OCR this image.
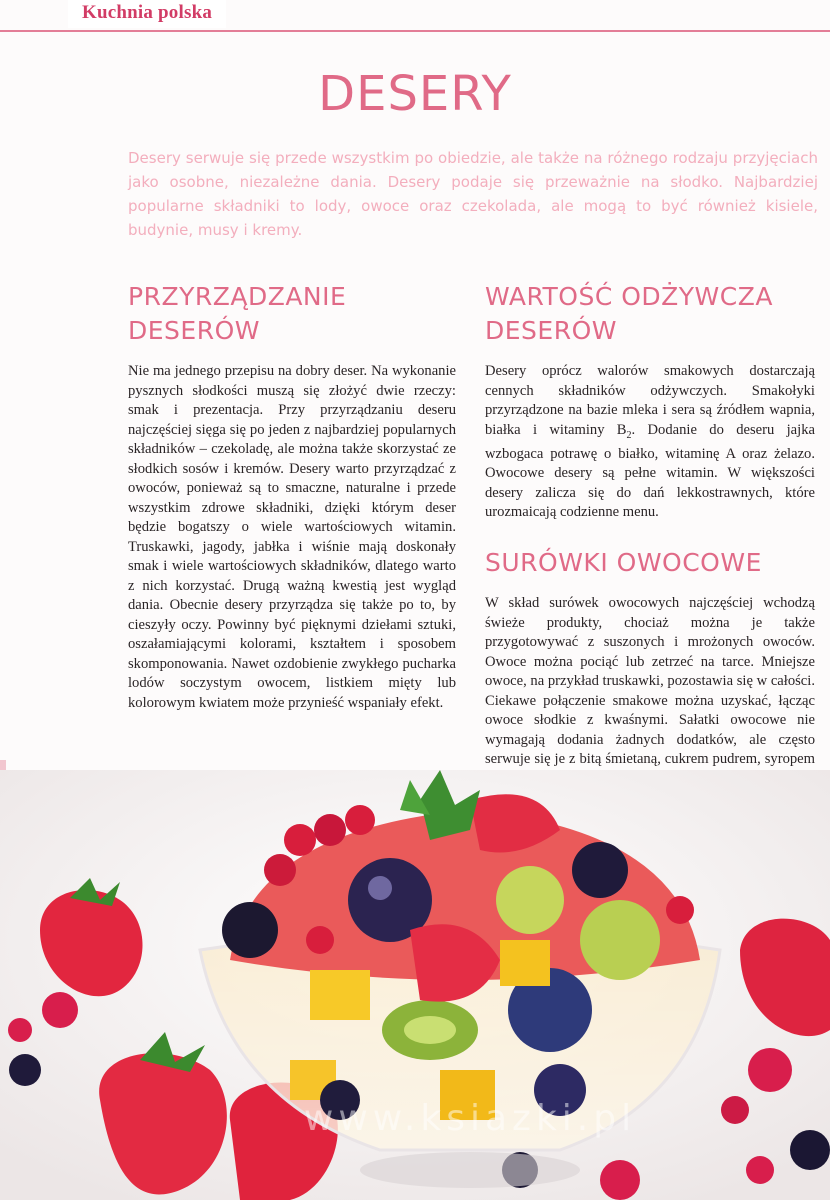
Kuchnia polska
DESERY

Desery serwuje się przede wszystkim po obiedzie, ale także na różnego rodzaju przyjęciach jako osobne, niezależne dania. Desery podaje się przeważnie na słodko. Najbardziej popularne składniki to lody, owoce oraz czekolada, ale mogą to być również kisiele, budynie, musy i kremy.

PRZYRZĄDZANIE DESERÓW

Nie ma jednego przepisu na dobry deser. Na wykonanie pysznych słodkości muszą się złożyć dwie rzeczy: smak i prezentacja. Przy przyrządzaniu deseru najczęściej sięga się po jeden z najbardziej popularnych składników – czekoladę, ale można także skorzystać ze słodkich sosów i kremów. Desery warto przyrządzać z owoców, ponieważ są to smaczne, naturalne i przede wszystkim zdrowe składniki, dzięki którym deser będzie bogatszy o wiele wartościowych witamin. Truskawki, jagody, jabłka i wiśnie mają doskonały smak i wiele wartościowych składników, dlatego warto z nich korzystać. Drugą ważną kwestią jest wygląd dania. Obecnie desery przyrządza się także po to, by cieszyły oczy. Powinny być pięknymi dziełami sztuki, oszałamiającymi kolorami, kształtem i sposobem skomponowania. Nawet ozdobienie zwykłego pucharka lodów soczystym owocem, listkiem mięty lub kolorowym kwiatem może przynieść wspaniały efekt.

WARTOŚĆ ODŻYWCZA DESERÓW

Desery oprócz walorów smakowych dostarczają cennych składników odżywczych. Smakołyki przyrządzone na bazie mleka i sera są źródłem wapnia, białka i witaminy $B_2$. Dodanie do deseru jajka wzbogaca potrawę o białko, witaminę A oraz żelazo. Owocowe desery są pełne witamin. W większości desery zalicza się do dań lekkostrawnych, które urozmaicają codzienne menu.

SURÓWKI OWOCOWE

W skład surówek owocowych najczęściej wchodzą świeże produkty, chociaż można je także przygotowywać z suszonych i mrożonych owoców. Owoce można pociąć lub zetrzeć na tarce. Mniejsze owoce, na przykład truskawki, pozostawia się w całości. Ciekawe połączenie smakowe można uzyskać, łącząc owoce słodkie z kwaśnymi. Sałatki owocowe nie wymagają dodania żadnych dodatków, ale często serwuje się je z bitą śmietaną, cukrem pudrem, syropem

www.ksiazki.pl
